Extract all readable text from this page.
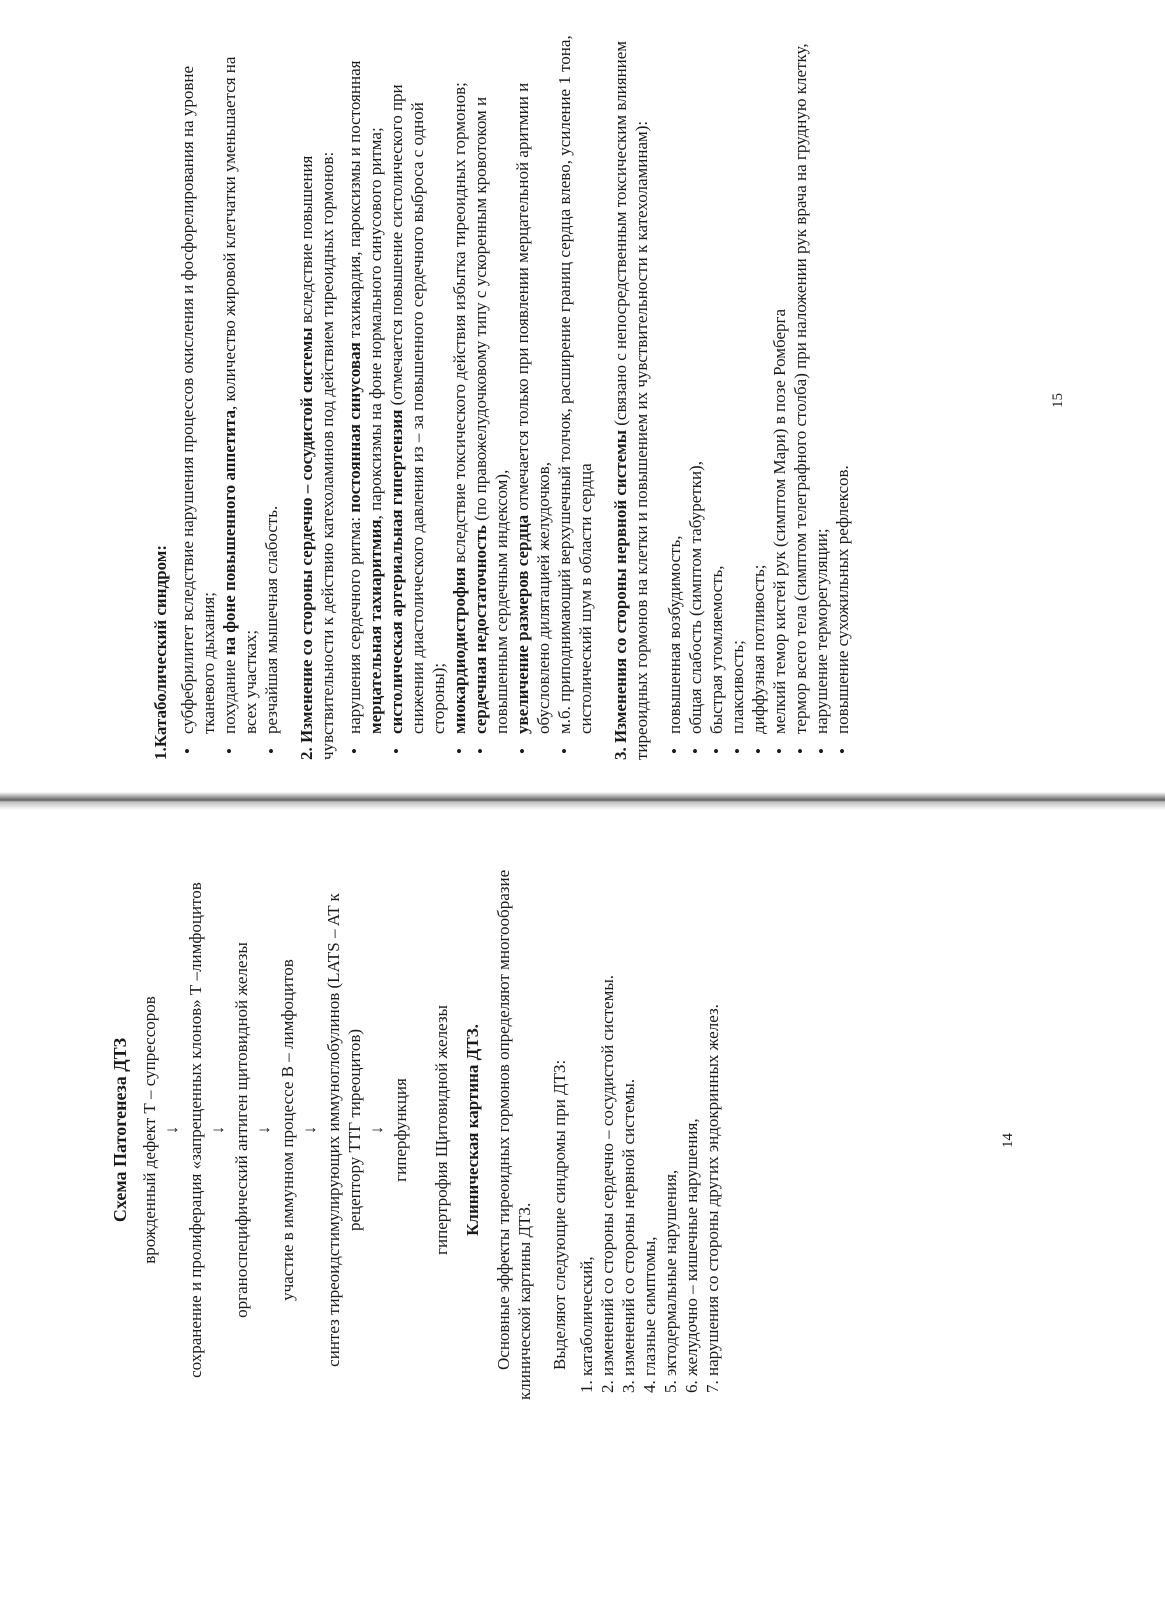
Схема Патогенеза ДТЗ врожденный дефект Т – супрессоров ↓ сохранение и пролиферация «запрещенных клонов» Т –лимфоцитов ↓ органоспецифический антиген щитовидной железы ↓ участие в иммунном процессе В – лимфоцитов ↓ синтез тиреоидстимулирующих иммуноглобулинов (LATS – AT к рецептору ТТГ тиреоцитов) ↓ гиперфункция гипертрофия Щитовидной железы Клиническая картина ДТЗ. Основные эффекты тиреоидных гормонов определяют многообразие клинической картины ДТЗ. Выделяют следующие синдромы при ДТЗ: 1. катаболический, 2. изменений со стороны сердечно – сосудистой системы. 3. изменений со стороны нервной системы. 4. глазные симптомы, 5. эктодермальные нарушения, 6. желудочно – кишечные нарушения, 7. нарушения со стороны других эндокринных желез.	14
1.Катаболический синдром: • субфебрилитет вследствие нарушения процессов окисления и фосфорелирования на уровне тканевого дыхания; • похудание на фоне повышенного аппетита, количество жировой клетчатки уменьшается на всех участках; • резчайшая мышечная слабость. 2. Изменение со стороны сердечно – сосудистой системы вследствие повышения чувствительности к действию катехоламинов под действием тиреоидных гормонов: • нарушения сердечного ритма: постоянная синусовая тахикардия, пароксизмы и постоянная мерцательная тахиаритмия, пароксизмы на фоне нормального синусового ритма;
• систолическая артериальная гипертензия (отмечается повышение систолического при снижении диастолического давления из – за повышенного сердечного выброса с одной стороны); • миокардиодистрофия вследствие токсического действия избытка тиреоидных гормонов;
• сердечная недостаточность (по правожелудочковому типу с ускоренным кровотоком и повышенным сердечным индексом), • увеличение размеров сердца отмечается только при появлении мерцательной аритмии и обусловлено дилятацией желудочков, • м.б. приподнимающий верхушечный толчок, расширение границ сердца влево, усиление 1 тона, систолический шум в области сердца 3. Изменения со стороны нервной системы (связано с непосредственным токсическим влиянием тиреоидных гормонов на клетки и повышением их чувствительности к катехоламинам): • повышенная возбудимость, • общая слабость (симптом табуретки), • быстрая утомляемость, • плаксивость; • диффузная потливость; • мелкий темор кистей рук (симптом Мари) в позе Ромберга • термор всего тела (симптом телеграфного столба) при наложении рук врача на грудную клетку, • нарушение терморегуляции; • повышение сухожильных рефлексов.
15
